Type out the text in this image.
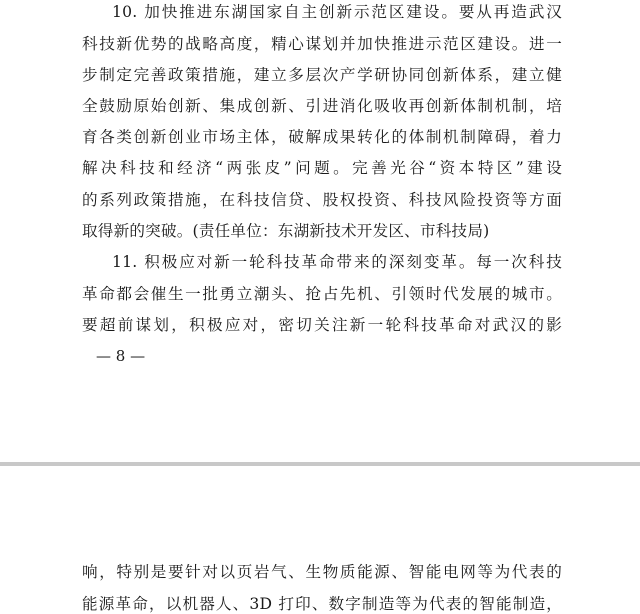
10. 加快推进东湖国家自主创新示范区建设。要从再造武汉
科技新优势的战略高度，精心谋划并加快推进示范区建设。进一
步制定完善政策措施，建立多层次产学研协同创新体系，建立健
全鼓励原始创新、集成创新、引进消化吸收再创新体制机制，培
育各类创新创业市场主体，破解成果转化的体制机制障碍，着力
解决科技和经济“两张皮”问题。完善光谷“资本特区”建设
的系列政策措施，在科技信贷、股权投资、科技风险投资等方面
取得新的突破。(责任单位：东湖新技术开发区、市科技局)
11. 积极应对新一轮科技革命带来的深刻变革。每一次科技
革命都会催生一批勇立潮头、抢占先机、引领时代发展的城市。
要超前谋划，积极应对，密切关注新一轮科技革命对武汉的影
— 8 —
响，特别是要针对以页岩气、生物质能源、智能电网等为代表的
能源革命，以机器人、3D 打印、数字制造等为代表的智能制造，
